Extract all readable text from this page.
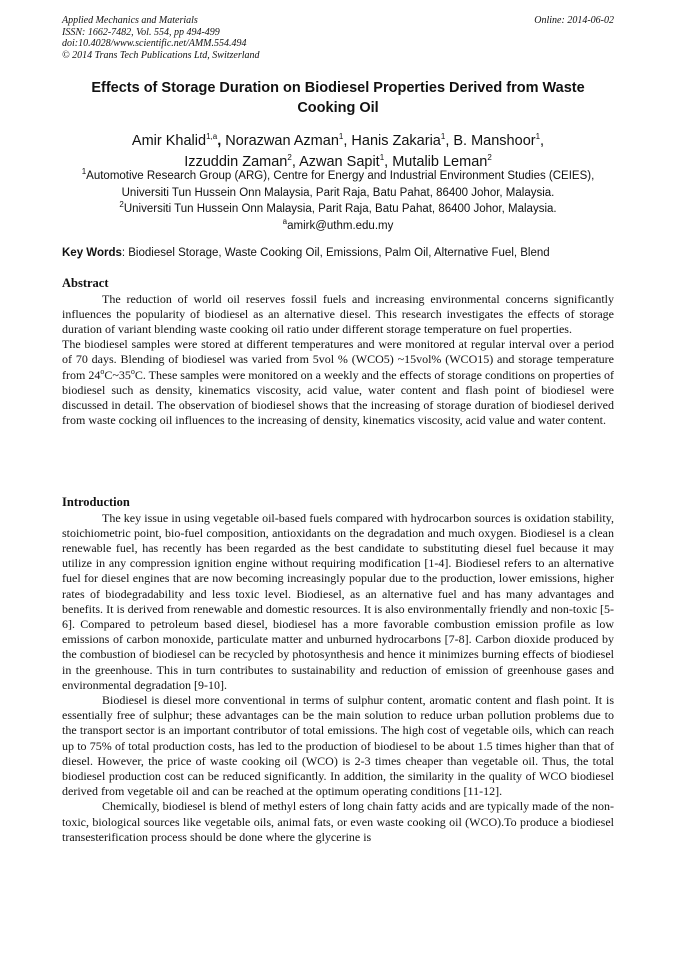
Applied Mechanics and Materials
ISSN: 1662-7482, Vol. 554, pp 494-499
doi:10.4028/www.scientific.net/AMM.554.494
© 2014 Trans Tech Publications Ltd, Switzerland
Online: 2014-06-02
Effects of Storage Duration on Biodiesel Properties Derived from Waste Cooking Oil
Amir Khalid$^{1,a}$, Norazwan Azman$^1$, Hanis Zakaria$^1$, B. Manshoor$^1$,
Izzuddin Zaman$^2$, Azwan Sapit$^1$, Mutalib Leman$^2$
$^1$Automotive Research Group (ARG), Centre for Energy and Industrial Environment Studies (CEIES), Universiti Tun Hussein Onn Malaysia, Parit Raja, Batu Pahat, 86400 Johor, Malaysia.
$^2$Universiti Tun Hussein Onn Malaysia, Parit Raja, Batu Pahat, 86400 Johor, Malaysia.
$^a$amirk@uthm.edu.my
Key Words: Biodiesel Storage, Waste Cooking Oil, Emissions, Palm Oil, Alternative Fuel, Blend
Abstract

The reduction of world oil reserves fossil fuels and increasing environmental concerns significantly influences the popularity of biodiesel as an alternative diesel. This research investigates the effects of storage duration of variant blending waste cooking oil ratio under different storage temperature on fuel properties.

The biodiesel samples were stored at different temperatures and were monitored at regular interval over a period of 70 days. Blending of biodiesel was varied from 5vol % (WCO5) ~15vol% (WCO15) and storage temperature from 24$^o$C~35$^o$C. These samples were monitored on a weekly and the effects of storage conditions on properties of biodiesel such as density, kinematics viscosity, acid value, water content and flash point of biodiesel were discussed in detail. The observation of biodiesel shows that the increasing of storage duration of biodiesel derived from waste cocking oil influences to the increasing of density, kinematics viscosity, acid value and water content.

Introduction

The key issue in using vegetable oil-based fuels compared with hydrocarbon sources is oxidation stability, stoichiometric point, bio-fuel composition, antioxidants on the degradation and much oxygen. Biodiesel is a clean renewable fuel, has recently has been regarded as the best candidate to substituting diesel fuel because it may utilize in any compression ignition engine without requiring modification [1-4]. Biodiesel refers to an alternative fuel for diesel engines that are now becoming increasingly popular due to the production, lower emissions, higher rates of biodegradability and less toxic level. Biodiesel, as an alternative fuel and has many advantages and benefits. It is derived from renewable and domestic resources. It is also environmentally friendly and non-toxic [5-6]. Compared to petroleum based diesel, biodiesel has a more favorable combustion emission profile as low emissions of carbon monoxide, particulate matter and unburned hydrocarbons [7-8]. Carbon dioxide produced by the combustion of biodiesel can be recycled by photosynthesis and hence it minimizes burning effects of biodiesel in the greenhouse. This in turn contributes to sustainability and reduction of emission of greenhouse gases and environmental degradation [9-10].

Biodiesel is diesel more conventional in terms of sulphur content, aromatic content and flash point. It is essentially free of sulphur; these advantages can be the main solution to reduce urban pollution problems due to the transport sector is an important contributor of total emissions. The high cost of vegetable oils, which can reach up to 75% of total production costs, has led to the production of biodiesel to be about 1.5 times higher than that of diesel. However, the price of waste cooking oil (WCO) is 2-3 times cheaper than vegetable oil. Thus, the total biodiesel production cost can be reduced significantly. In addition, the similarity in the quality of WCO biodiesel derived from vegetable oil and can be reached at the optimum operating conditions [11-12].

Chemically, biodiesel is blend of methyl esters of long chain fatty acids and are typically made of the non-toxic, biological sources like vegetable oils, animal fats, or even waste cooking oil (WCO).To produce a biodiesel transesterification process should be done where the glycerine is
